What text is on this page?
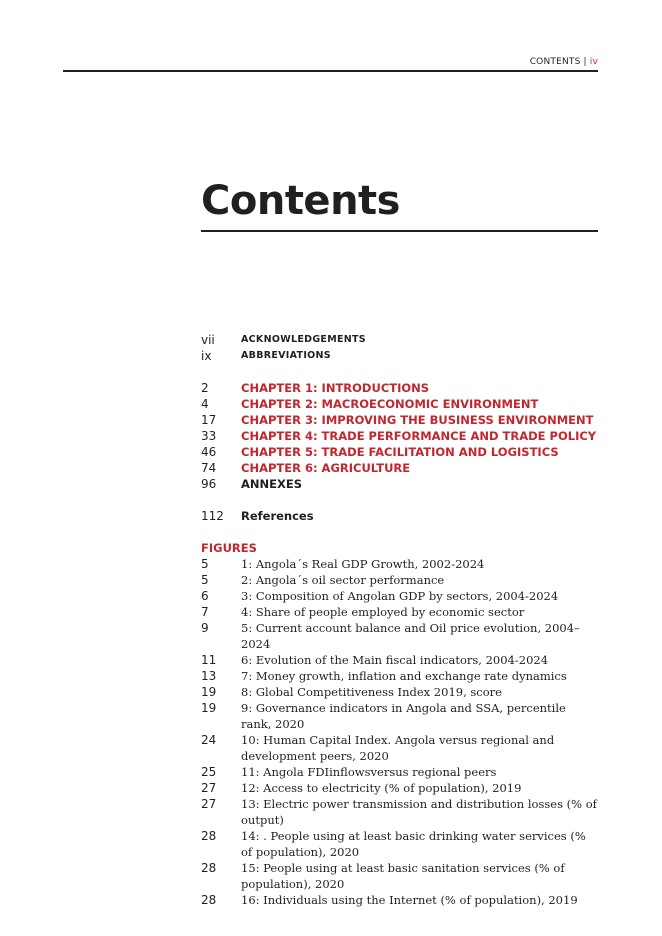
CONTENTS | iv
Contents
vii	ACKNOWLEDGEMENTS
ix	ABBREVIATIONS
2	CHAPTER 1: INTRODUCTIONS
4	CHAPTER 2: MACROECONOMIC ENVIRONMENT
17 CHAPTER 3: IMPROVING THE BUSINESS ENVIRONMENT
33 CHAPTER 4: TRADE PERFORMANCE AND TRADE POLICY
46 CHAPTER 5: TRADE FACILITATION AND LOGISTICS
74 CHAPTER 6: AGRICULTURE
96 ANNEXES
112 References
FIGURES
5	1: Angola´s Real GDP Growth, 2002-2024
5	2: Angola´s oil sector performance
6	3: Composition of Angolan GDP by sectors, 2004-2024
7	4: Share of people employed by economic sector
9	5: Current account balance and Oil price evolution, 2004–2024
11 6: Evolution of the Main fiscal indicators, 2004-2024
13 7: Money growth, inflation and exchange rate dynamics
19 8: Global Competitiveness Index 2019, score
19 9: Governance indicators in Angola and SSA, percentile rank, 2020
24 10: Human Capital Index. Angola versus regional and development peers, 2020
25 11: Angola FDIinflowsversus regional peers
27 12: Access to electricity (% of population), 2019
27 13: Electric power transmission and distribution losses (% of output)
28 14: . People using at least basic drinking water services (% of population), 2020
28 15: People using at least basic sanitation services (% of population), 2020
28 16: Individuals using the Internet (% of population), 2019
